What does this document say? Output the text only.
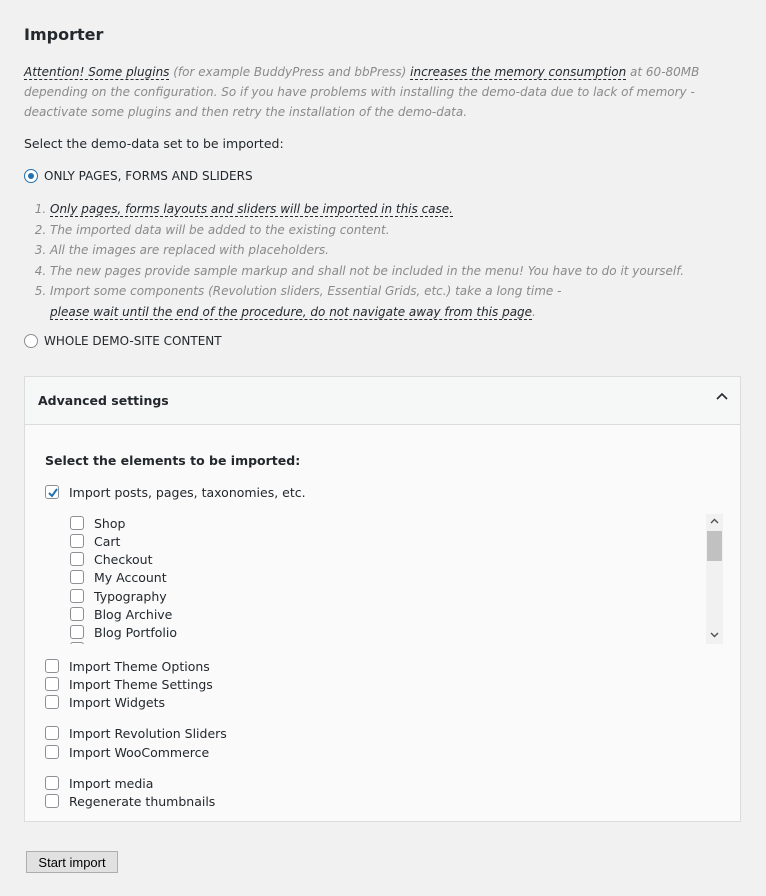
Importer
Attention! Some plugins (for example BuddyPress and bbPress) increases the memory consumption at 60-80MB depending on the configuration. So if you have problems with installing the demo-data due to lack of memory - deactivate some plugins and then retry the installation of the demo-data.
Select the demo-data set to be imported:
ONLY PAGES, FORMS AND SLIDERS
1. Only pages, forms layouts and sliders will be imported in this case.
2. The imported data will be added to the existing content.
3. All the images are replaced with placeholders.
4. The new pages provide sample markup and shall not be included in the menu! You have to do it yourself.
5. Import some components (Revolution sliders, Essential Grids, etc.) take a long time -
please wait until the end of the procedure, do not navigate away from this page.
WHOLE DEMO-SITE CONTENT
Advanced settings
Select the elements to be imported:
Import posts, pages, taxonomies, etc.
Shop
Cart
Checkout
My Account
Typography
Blog Archive
Blog Portfolio
Import Theme Options
Import Theme Settings
Import Widgets
Import Revolution Sliders
Import WooCommerce
Import media
Regenerate thumbnails
Start import
